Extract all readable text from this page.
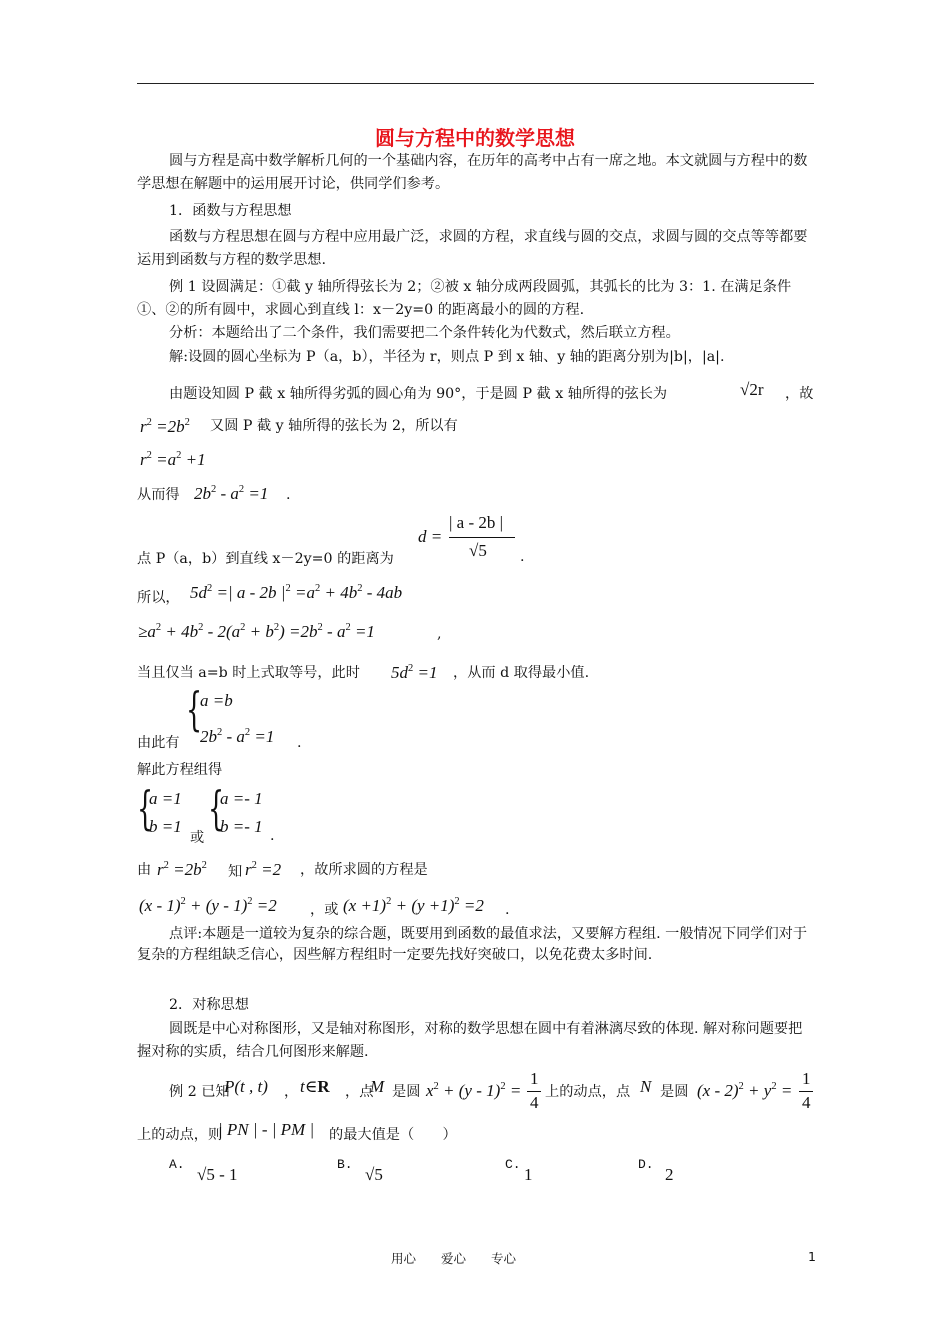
圆与方程中的数学思想
圆与方程是高中数学解析几何的一个基础内容，在历年的高考中占有一席之地。本文就圆与方程中的数学思想在解题中的运用展开讨论，供同学们参考。
1．函数与方程思想
函数与方程思想在圆与方程中应用最广泛，求圆的方程，求直线与圆的交点，求圆与圆的交点等等都要运用到函数与方程的数学思想.
例 1 设圆满足：①截 y 轴所得弦长为 2；②被 x 轴分成两段圆弧，其弧长的比为 3：1. 在满足条件①、②的所有圆中，求圆心到直线 l：x－2y=0 的距离最小的圆的方程.
分析：本题给出了二个条件，我们需要把二个条件转化为代数式，然后联立方程。
解:设圆的圆心坐标为 P（a，b），半径为 r，则点 P 到 x 轴、y 轴的距离分别为|b|，|a|.
由题设知圆 P 截 x 轴所得劣弧的圆心角为 90°，于是圆 P 截 x 轴所得的弦长为	√2r ，故
$r^2 =2b^2$ 又圆 P 截 y 轴所得的弦长为 2，所以有
$r^2 =a^2 +1$
从而得 $2b^2 - a^2 =1$ .
d =
| a - 2b |
√5 .
点 P（a，b）到直线 x－2y=0 的距离为
所以， $5d^2$ =| a - 2b $|^2 =a^2 + 4b^2 - 4ab$
$\ge a^2 + 4b^2 - 2(a^2 + b^2) =2b^2 - a^2 =1$	,
当且仅当 a=b 时上式取等号，此时 $5d^2 =1$ ，从而 d 取得最小值.
由此有
{
a =b
$2b^2 - a^2 =1$ .
解此方程组得
{
a =1
b =1
或
{
a =- 1
b =- 1 .
由 $r^2 =2b^2$ 知 $r^2 =2$ ，故所求圆的方程是
(x - 1)$^2$ + (y - 1)$^2$ =2 ，或 $(x +1)^2 + (y +1)^2 =2$ .
点评:本题是一道较为复杂的综合题，既要用到函数的最值求法，又要解方程组. 一般情况下同学们对于复杂的方程组缺乏信心，因些解方程组时一定要先找好突破口，以免花费太多时间.
2．对称思想
圆既是中心对称图形，又是轴对称图形，对称的数学思想在圆中有着淋漓尽致的体现. 解对称问题要把握对称的实质，结合几何图形来解题.
例 2 已知
P(t , t) ， t∈R ，点
M 是圆 $x^2 + (y - 1)^2$ =
1
4
上的动点，点 N 是圆 $(x - 2)^2 + y^2$ =
1
4
上的动点，则
| PN | - | PM | 的最大值是（　　）
A.
√5 - 1
B.
√5
C.
1
D.
2
用心　　爱心　　专心	1
